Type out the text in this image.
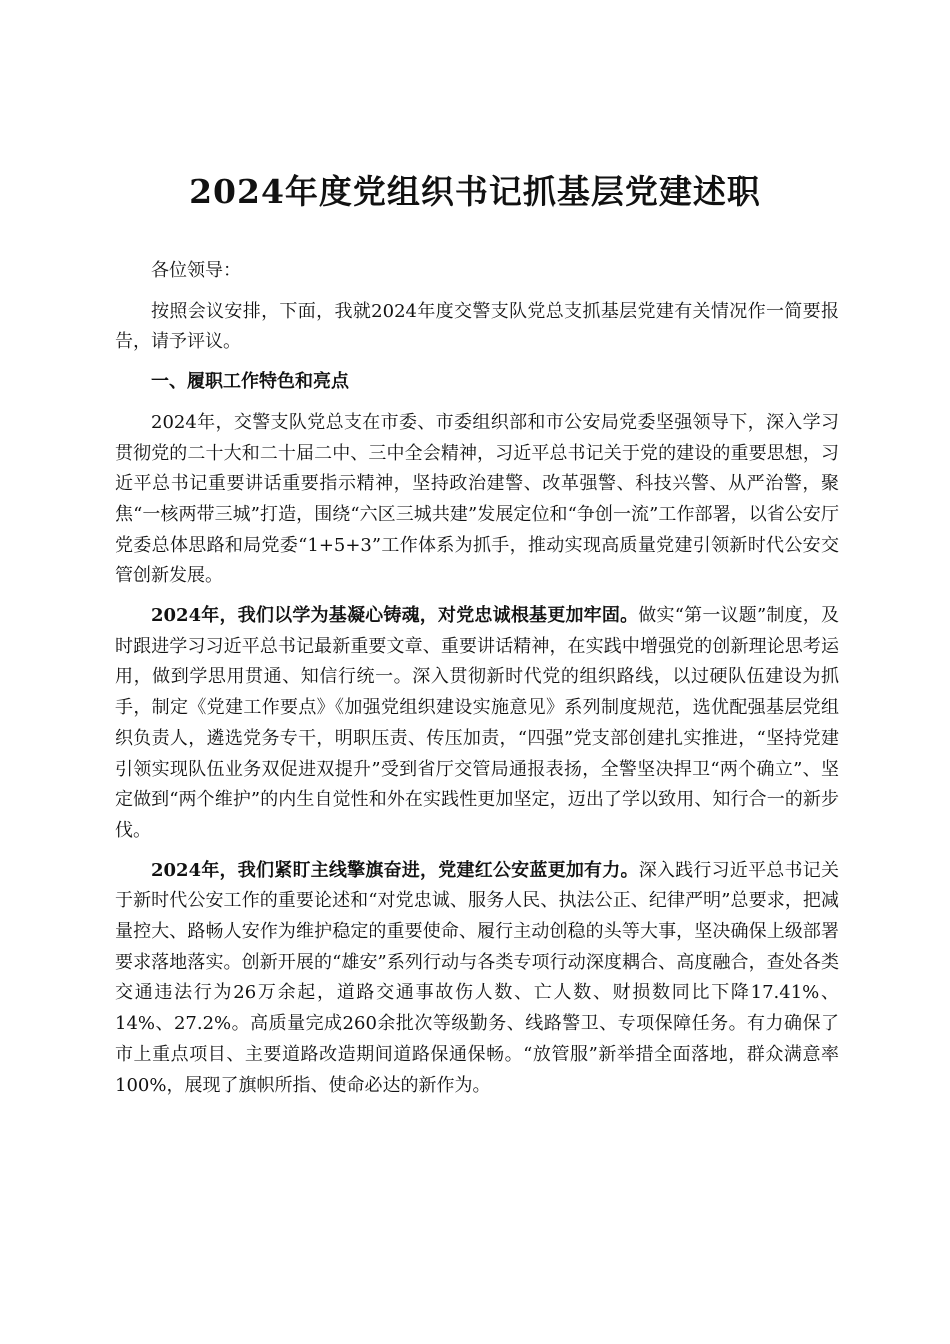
2024年度党组织书记抓基层党建述职

各位领导：

按照会议安排，下面，我就2024年度交警支队党总支抓基层党建有关情况作一简要报告，请予评议。

一、履职工作特色和亮点

2024年，交警支队党总支在市委、市委组织部和市公安局党委坚强领导下，深入学习贯彻党的二十大和二十届二中、三中全会精神，习近平总书记关于党的建设的重要思想，习近平总书记重要讲话重要指示精神，坚持政治建警、改革强警、科技兴警、从严治警，聚焦“一核两带三城”打造，围绕“六区三城共建”发展定位和“争创一流”工作部署，以省公安厅党委总体思路和局党委“1+5+3”工作体系为抓手，推动实现高质量党建引领新时代公安交管创新发展。

2024年，我们以学为基凝心铸魂，对党忠诚根基更加牢固。做实“第一议题”制度，及时跟进学习习近平总书记最新重要文章、重要讲话精神，在实践中增强党的创新理论思考运用，做到学思用贯通、知信行统一。深入贯彻新时代党的组织路线，以过硬队伍建设为抓手，制定《党建工作要点》《加强党组织建设实施意见》系列制度规范，选优配强基层党组织负责人，遴选党务专干，明职压责、传压加责，“四强”党支部创建扎实推进，“坚持党建引领实现队伍业务双促进双提升”受到省厅交管局通报表扬，全警坚决捍卫“两个确立”、坚定做到“两个维护”的内生自觉性和外在实践性更加坚定，迈出了学以致用、知行合一的新步伐。

2024年，我们紧盯主线擎旗奋进，党建红公安蓝更加有力。深入践行习近平总书记关于新时代公安工作的重要论述和“对党忠诚、服务人民、执法公正、纪律严明”总要求，把减量控大、路畅人安作为维护稳定的重要使命、履行主动创稳的头等大事，坚决确保上级部署要求落地落实。创新开展的“雄安”系列行动与各类专项行动深度耦合、高度融合，查处各类交通违法行为26万余起，道路交通事故伤人数、亡人数、财损数同比下降17.41%、14%、27.2%。高质量完成260余批次等级勤务、线路警卫、专项保障任务。有力确保了市上重点项目、主要道路改造期间道路保通保畅。“放管服”新举措全面落地，群众满意率100%，展现了旗帜所指、使命必达的新作为。
